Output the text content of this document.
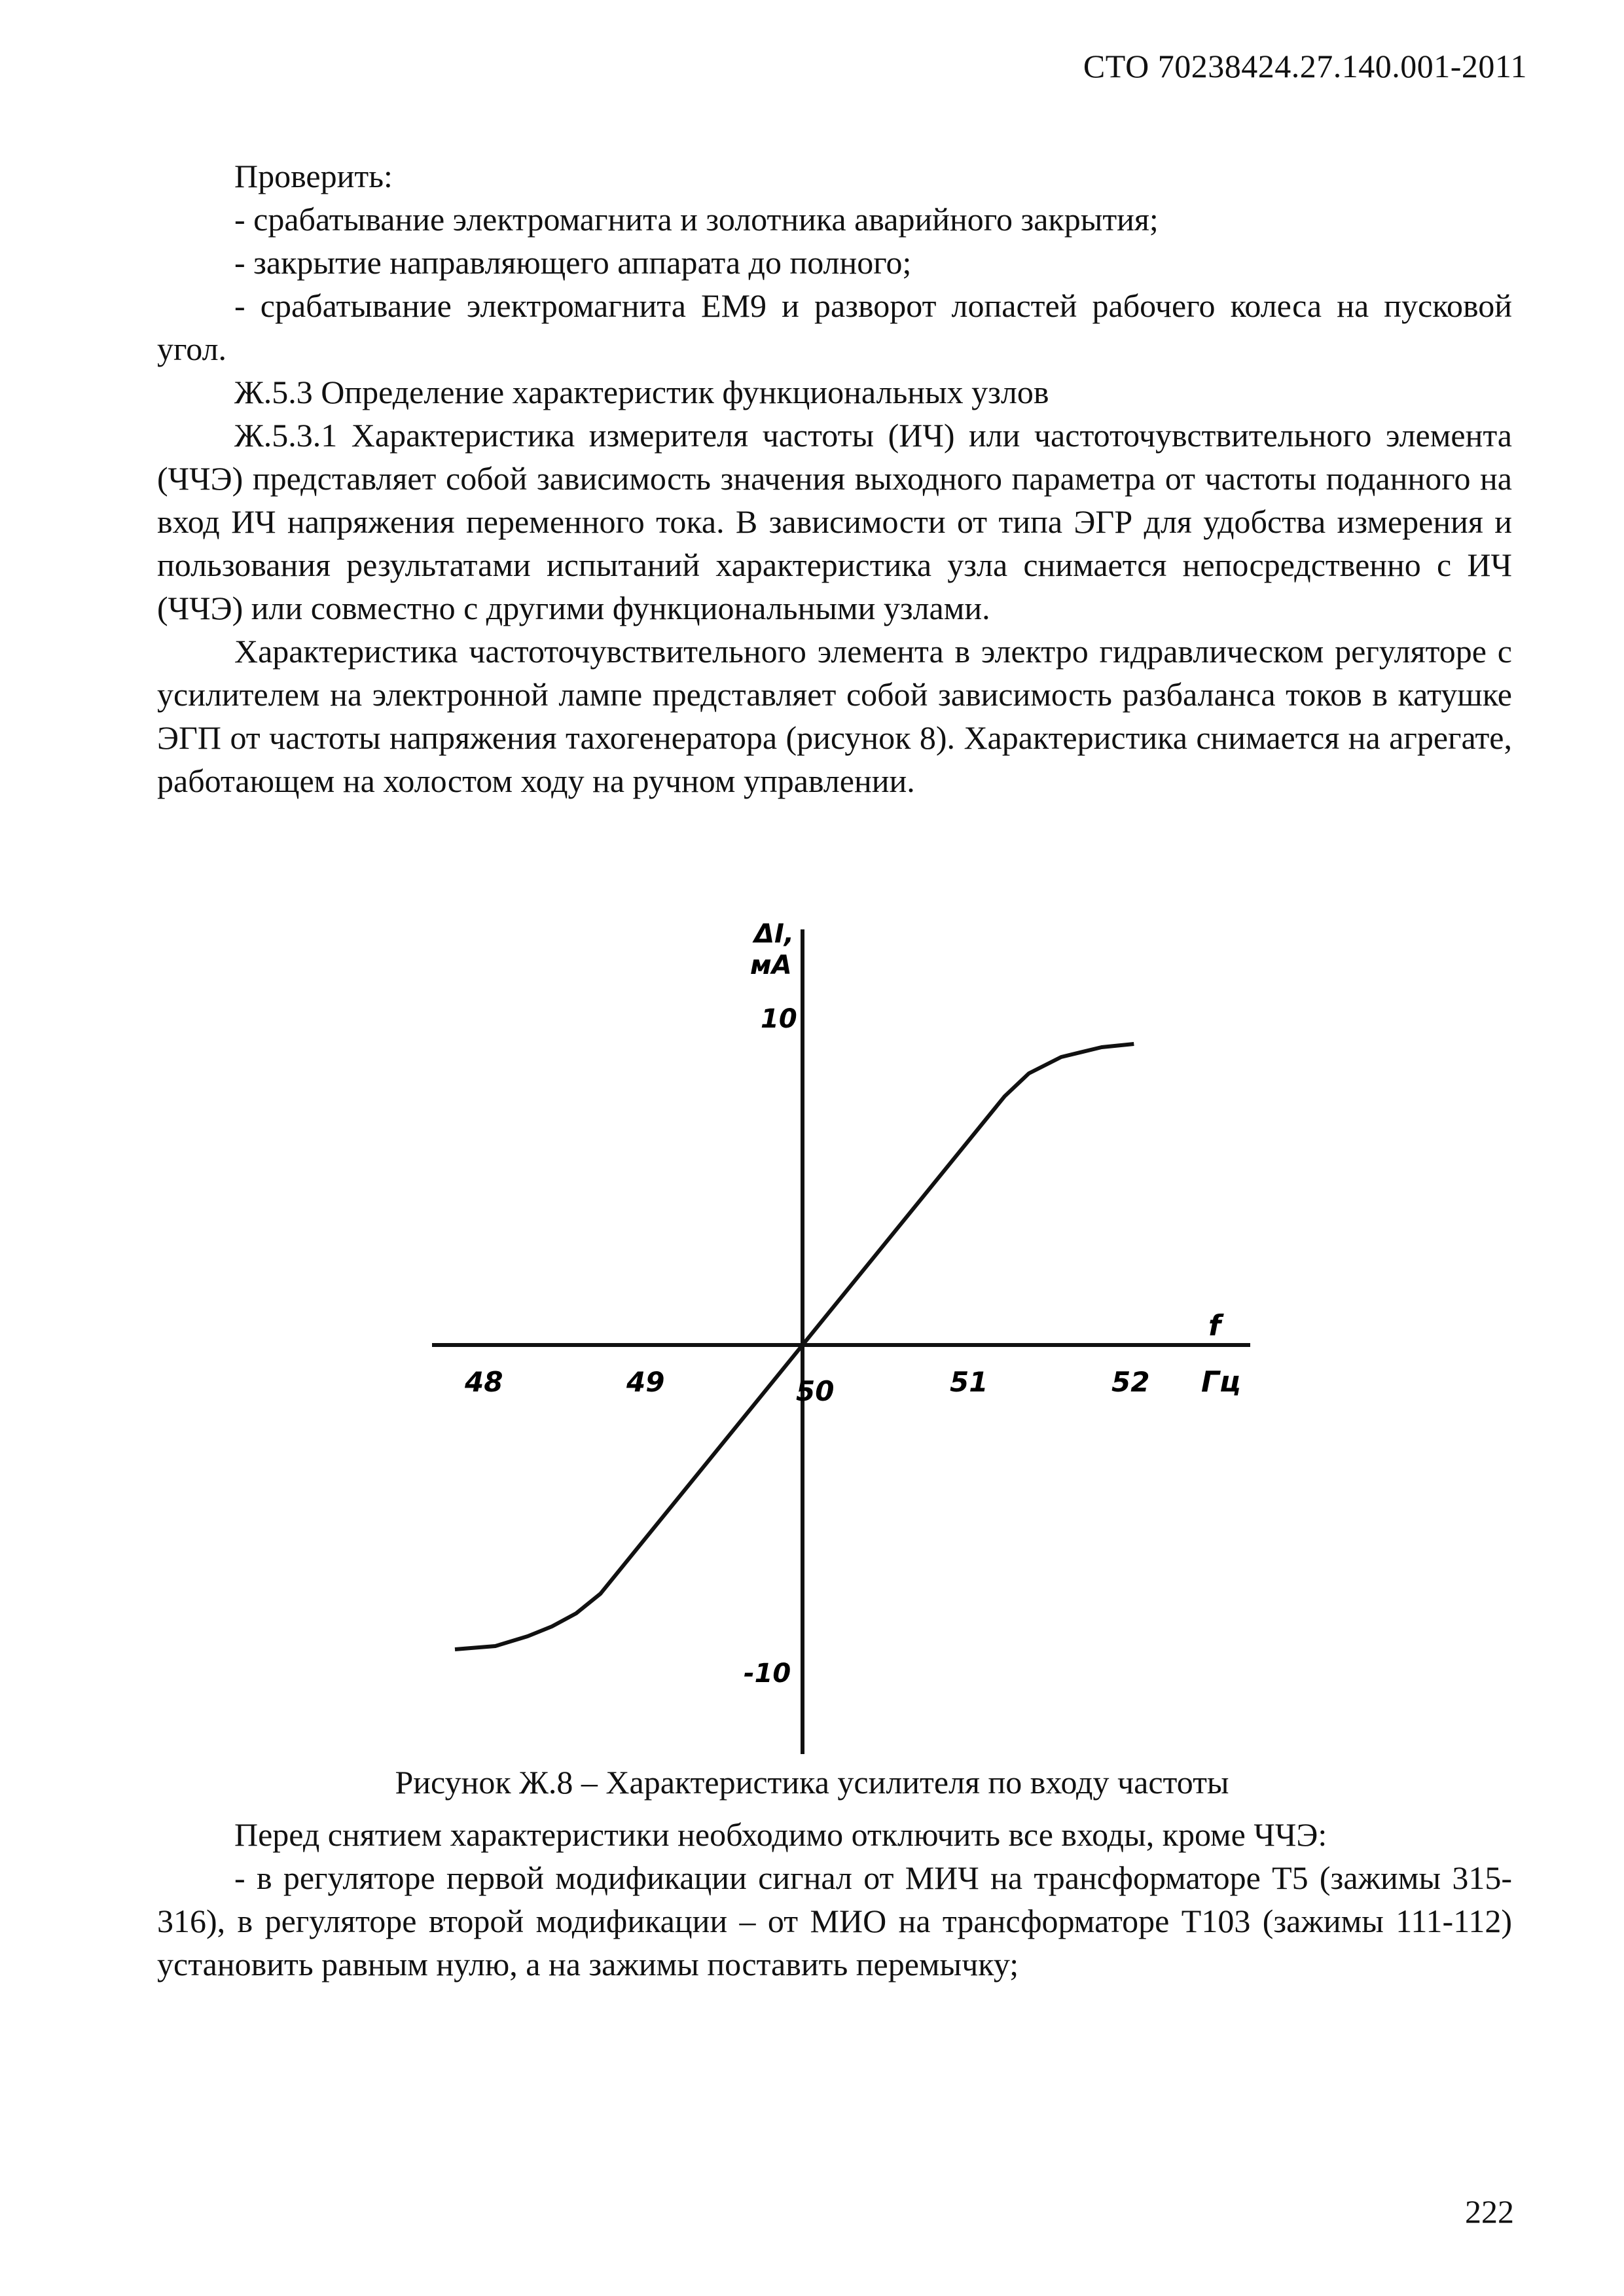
СТО 70238424.27.140.001-2011

Проверить:

- срабатывание электромагнита и золотника аварийного закрытия;

- закрытие направляющего аппарата до полного;

- срабатывание электромагнита ЕМ9 и разворот лопастей рабочего колеса на пусковой угол.

Ж.5.3 Определение характеристик функциональных узлов

Ж.5.3.1 Характеристика измерителя частоты (ИЧ) или частоточувствительного элемента (ЧЧЭ) представляет собой зависимость значения выходного параметра от частоты поданного на вход ИЧ напряжения переменного тока. В зависимости от типа ЭГР для удобства измерения и пользования результатами испытаний характеристика узла снимается непосредственно с ИЧ (ЧЧЭ) или совместно с другими функциональными узлами.

Характеристика частоточувствительного элемента в электро гидравлическом регуляторе с усилителем на электронной лампе представляет собой зависимость разбаланса токов в катушке ЭГП от частоты напряжения тахогенератора (рисунок 8). Характеристика снимается на агрегате, работающем на холостом ходу на ручном управлении.

48	49	50	51	52
10
-10
ΔI,
мА
f
Гц
Рисунок Ж.8 – Характеристика усилителя по входу частоты

Перед снятием характеристики необходимо отключить все входы, кроме ЧЧЭ:

- в регуляторе первой модификации сигнал от МИЧ на трансформаторе Т5 (зажимы 315-316), в регуляторе второй модификации – от МИО на трансформаторе Т103 (зажимы 111-112) установить равным нулю, а на зажимы поставить перемычку;

222
